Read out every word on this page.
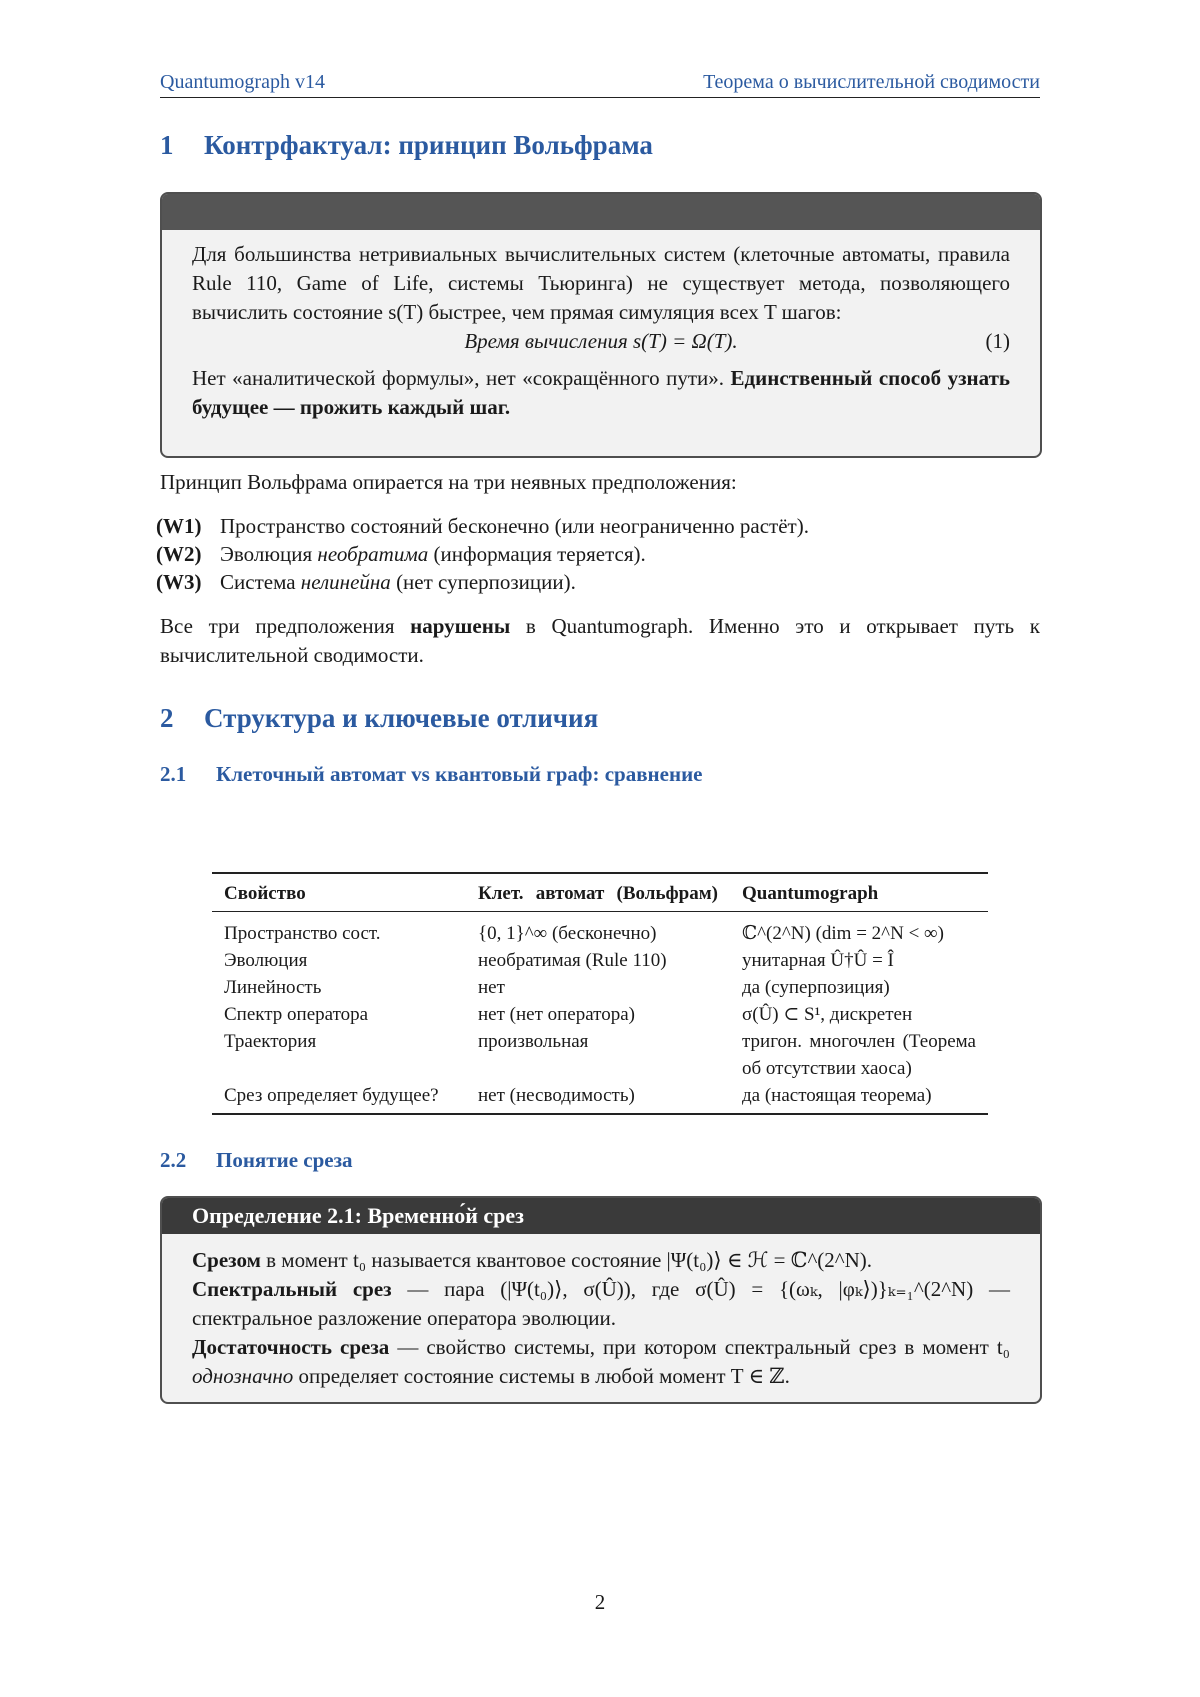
Quantumograph v14	Теорема о вычислительной сводимости
1 Контрфактуал: принцип Вольфрама
Для большинства нетривиальных вычислительных систем (клеточные автоматы, правила Rule 110, Game of Life, системы Тьюринга) не существует метода, позволяющего вычислить состояние s(T) быстрее, чем прямая симуляция всех T шагов:
Время вычисления s(T) = Ω(T).	(1)
Нет «аналитической формулы», нет «сокращённого пути». Единственный способ узнать будущее — прожить каждый шаг.
Принцип Вольфрама опирается на три неявных предположения:
(W1) Пространство состояний бесконечно (или неограниченно растёт).
(W2) Эволюция необратима (информация теряется).
(W3) Система нелинейна (нет суперпозиции).
Все три предположения нарушены в Quantumograph. Именно это и открывает путь к вычислительной сводимости.
2 Структура и ключевые отличия
2.1 Клеточный автомат vs квантовый граф: сравнение
Свойство	Клет. автомат (Вольфрам)	Quantumograph
Пространство сост.	{0, 1}^∞ (бесконечно)	ℂ^(2^N) (dim = 2^N < ∞)
Эволюция	необратимая (Rule 110)	унитарная Û†Û = Î
Линейность	нет	да (суперпозиция)
Спектр оператора	нет (нет оператора)	σ(Û) ⊂ S¹, дискретен
Траектория	произвольная	тригон. многочлен (Теорема об отсутствии хаоса)
Срез определяет будущее?	нет (несводимость)	да (настоящая теорема)
2.2 Понятие среза
Определение 2.1: Временно́й срез
Срезом в момент t₀ называется квантовое состояние |Ψ(t₀)⟩ ∈ ℋ = ℂ^(2^N).
Спектральный срез — пара (|Ψ(t₀)⟩, σ(Û)), где σ(Û) = {(ωₖ, |φₖ⟩)}ₖ₌₁^(2^N) — спектральное разложение оператора эволюции.
Достаточность среза — свойство системы, при котором спектральный срез в момент t₀ однозначно определяет состояние системы в любой момент T ∈ ℤ.
2
